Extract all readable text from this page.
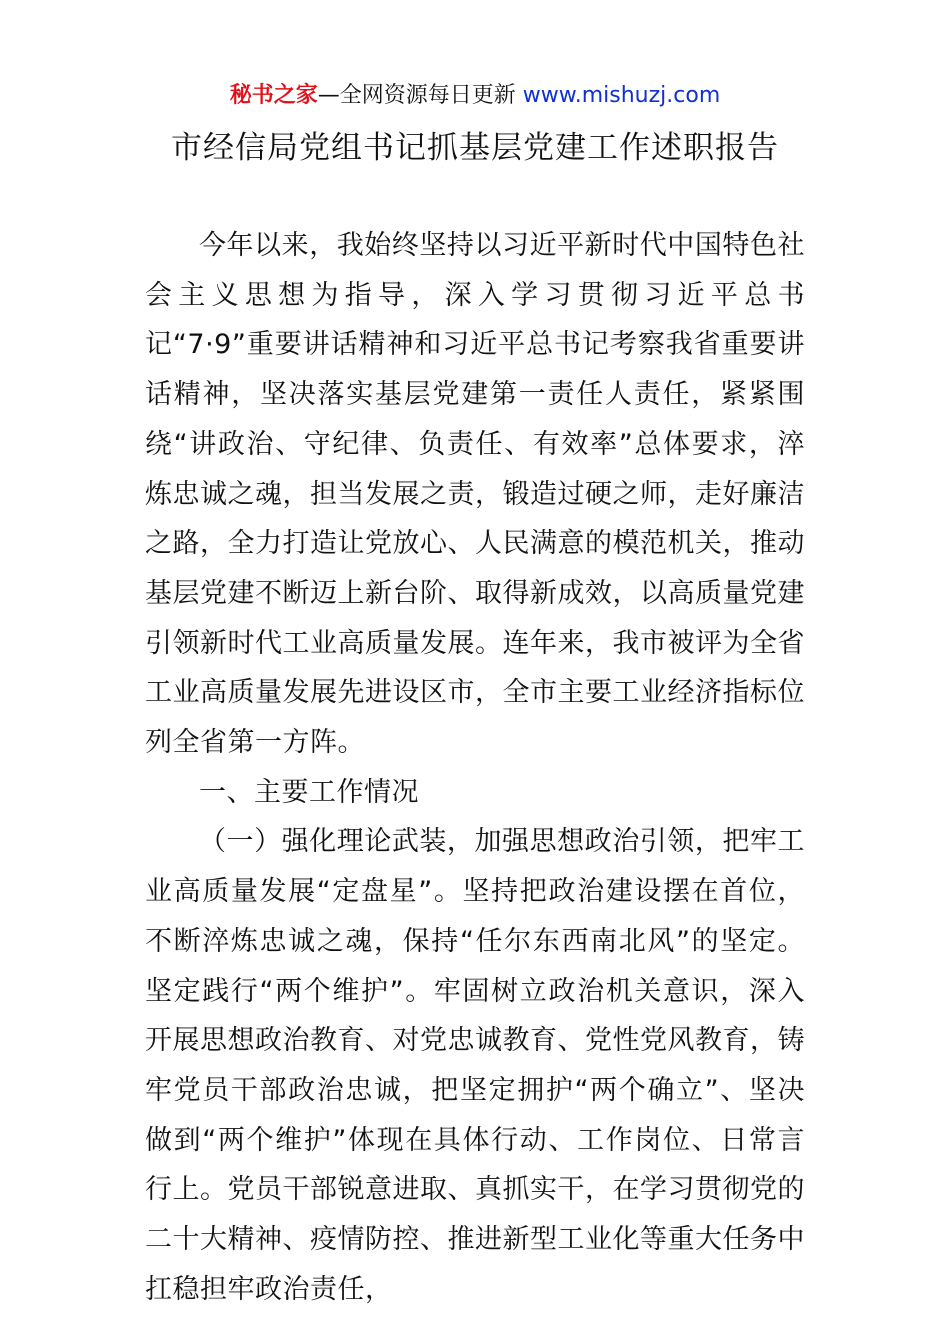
秘书之家—全网资源每日更新 www.mishuzj.com
市经信局党组书记抓基层党建工作述职报告

今年以来，我始终坚持以习近平新时代中国特色社会主义思想为指导，深入学习贯彻习近平总书记“7·9”重要讲话精神和习近平总书记考察我省重要讲话精神，坚决落实基层党建第一责任人责任，紧紧围绕“讲政治、守纪律、负责任、有效率”总体要求，淬炼忠诚之魂，担当发展之责，锻造过硬之师，走好廉洁之路，全力打造让党放心、人民满意的模范机关，推动基层党建不断迈上新台阶、取得新成效，以高质量党建引领新时代工业高质量发展。连年来，我市被评为全省工业高质量发展先进设区市，全市主要工业经济指标位列全省第一方阵。

一、主要工作情况

（一）强化理论武装，加强思想政治引领，把牢工业高质量发展“定盘星”。坚持把政治建设摆在首位，不断淬炼忠诚之魂，保持“任尔东西南北风”的坚定。坚定践行“两个维护”。牢固树立政治机关意识，深入开展思想政治教育、对党忠诚教育、党性党风教育，铸牢党员干部政治忠诚，把坚定拥护“两个确立”、坚决做到“两个维护”体现在具体行动、工作岗位、日常言行上。党员干部锐意进取、真抓实干，在学习贯彻党的二十大精神、疫情防控、推进新型工业化等重大任务中扛稳担牢政治责任，
